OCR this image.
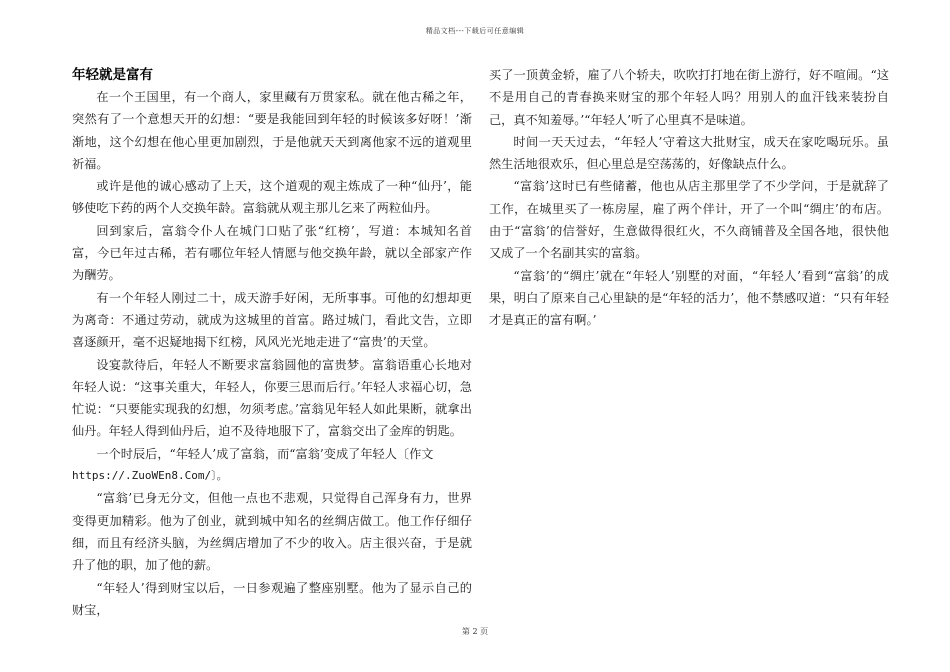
精品文档---下载后可任意编辑
年轻就是富有

在一个王国里，有一个商人，家里藏有万贯家私。就在他古稀之年，突然有了一个意想天开的幻想：“要是我能回到年轻的时候该多好呀！’渐渐地，这个幻想在他心里更加剧烈，于是他就天天到离他家不远的道观里祈福。

或许是他的诚心感动了上天，这个道观的观主炼成了一种“仙丹’，能够使吃下药的两个人交换年龄。富翁就从观主那儿乞来了两粒仙丹。

回到家后，富翁令仆人在城门口贴了张“红榜’，写道：本城知名首富，今已年过古稀，若有哪位年轻人情愿与他交换年龄，就以全部家产作为酬劳。

有一个年轻人刚过二十，成天游手好闲，无所事事。可他的幻想却更为离奇：不通过劳动，就成为这城里的首富。路过城门，看此文告，立即喜逐颜开，毫不迟疑地揭下红榜，风风光光地走进了“富贵’的天堂。

设宴款待后，年轻人不断要求富翁圆他的富贵梦。富翁语重心长地对年轻人说：“这事关重大，年轻人，你要三思而后行。’年轻人求福心切，急忙说：“只要能实现我的幻想，勿须考虑。’富翁见年轻人如此果断，就拿出仙丹。年轻人得到仙丹后，迫不及待地服下了，富翁交出了金库的钥匙。

一个时辰后，“年轻人’成了富翁，而“富翁’变成了年轻人〔作文

https://.ZuoWEn8.Com/〕。

“富翁’已身无分文，但他一点也不悲观，只觉得自己浑身有力，世界变得更加精彩。他为了创业，就到城中知名的丝绸店做工。他工作仔细仔细，而且有经济头脑，为丝绸店增加了不少的收入。店主很兴奋，于是就升了他的职，加了他的薪。

“年轻人’得到财宝以后，一日参观遍了整座别墅。他为了显示自己的财宝，

买了一顶黄金轿，雇了八个轿夫，吹吹打打地在街上游行，好不喧闹。“这不是用自己的青春换来财宝的那个年轻人吗？用别人的血汗钱来装扮自己，真不知羞辱。’“年轻人’听了心里真不是味道。

时间一天天过去，“年轻人’守着这大批财宝，成天在家吃喝玩乐。虽然生活地很欢乐，但心里总是空荡荡的，好像缺点什么。

“富翁’这时已有些储蓄，他也从店主那里学了不少学问，于是就辞了工作，在城里买了一栋房屋，雇了两个伴计，开了一个叫“绸庄’的布店。由于“富翁’的信誉好，生意做得很红火，不久商铺普及全国各地，很快他又成了一个名副其实的富翁。

“富翁’的“绸庄’就在“年轻人’别墅的对面，“年轻人’看到“富翁’的成果，明白了原来自己心里缺的是“年轻的活力’，他不禁感叹道：“只有年轻才是真正的富有啊。’

第 2 页
